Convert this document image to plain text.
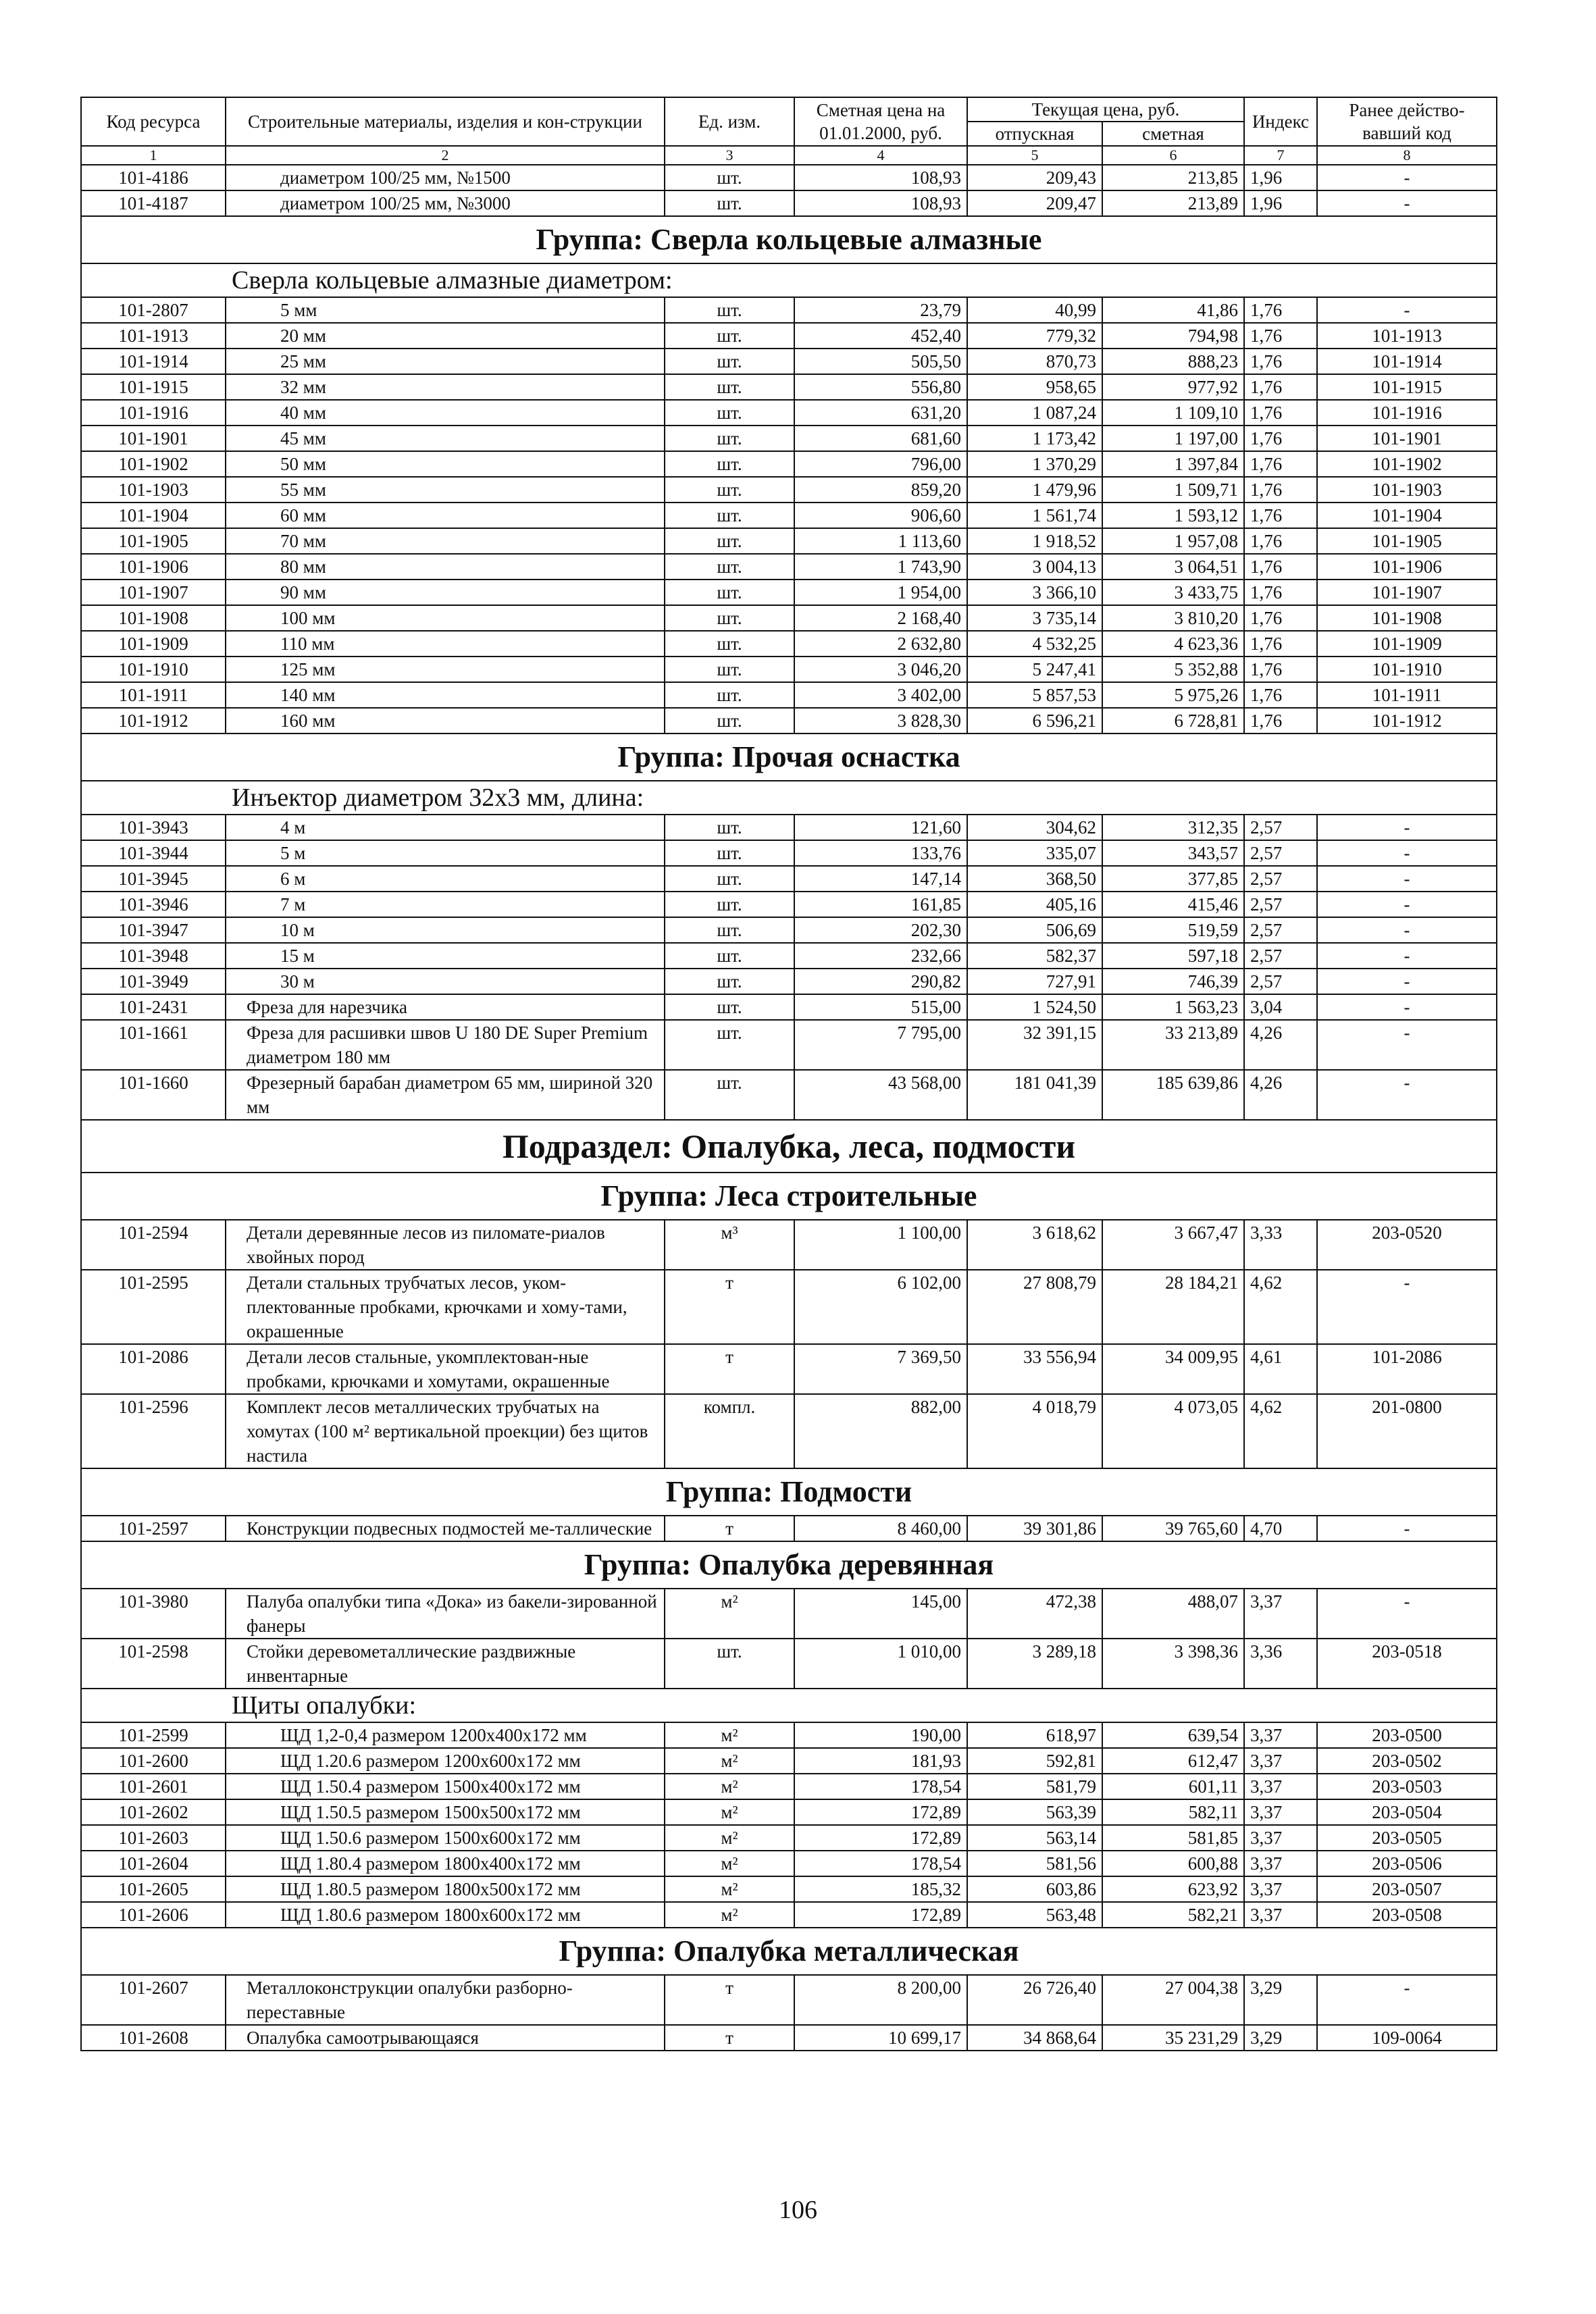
Код ресурса	Строительные материалы, изделия и кон-струкции	Ед. изм.	Сметная цена на 01.01.2000, руб.	Текущая цена, руб.		Индекс	Ранее действо-вавший код
				отпускная	сметная		
1	2	3	4	5	6	7	8
101-4186	диаметром 100/25 мм, №1500	шт.	108,93	209,43	213,85	1,96	-
101-4187	диаметром 100/25 мм, №3000	шт.	108,93	209,47	213,89	1,96	-
Группа: Сверла кольцевые алмазные							
Сверла кольцевые алмазные диаметром:							
101-2807	5 мм	шт.	23,79	40,99	41,86	1,76	-
101-1913	20 мм	шт.	452,40	779,32	794,98	1,76	101-1913
101-1914	25 мм	шт.	505,50	870,73	888,23	1,76	101-1914
101-1915	32 мм	шт.	556,80	958,65	977,92	1,76	101-1915
101-1916	40 мм	шт.	631,20	1 087,24	1 109,10	1,76	101-1916
101-1901	45 мм	шт.	681,60	1 173,42	1 197,00	1,76	101-1901
101-1902	50 мм	шт.	796,00	1 370,29	1 397,84	1,76	101-1902
101-1903	55 мм	шт.	859,20	1 479,96	1 509,71	1,76	101-1903
101-1904	60 мм	шт.	906,60	1 561,74	1 593,12	1,76	101-1904
101-1905	70 мм	шт.	1 113,60	1 918,52	1 957,08	1,76	101-1905
101-1906	80 мм	шт.	1 743,90	3 004,13	3 064,51	1,76	101-1906
101-1907	90 мм	шт.	1 954,00	3 366,10	3 433,75	1,76	101-1907
101-1908	100 мм	шт.	2 168,40	3 735,14	3 810,20	1,76	101-1908
101-1909	110 мм	шт.	2 632,80	4 532,25	4 623,36	1,76	101-1909
101-1910	125 мм	шт.	3 046,20	5 247,41	5 352,88	1,76	101-1910
101-1911	140 мм	шт.	3 402,00	5 857,53	5 975,26	1,76	101-1911
101-1912	160 мм	шт.	3 828,30	6 596,21	6 728,81	1,76	101-1912
Группа: Прочая оснастка							
Инъектор диаметром 32х3 мм, длина:							
101-3943	4 м	шт.	121,60	304,62	312,35	2,57	-
101-3944	5 м	шт.	133,76	335,07	343,57	2,57	-
101-3945	6 м	шт.	147,14	368,50	377,85	2,57	-
101-3946	7 м	шт.	161,85	405,16	415,46	2,57	-
101-3947	10 м	шт.	202,30	506,69	519,59	2,57	-
101-3948	15 м	шт.	232,66	582,37	597,18	2,57	-
101-3949	30 м	шт.	290,82	727,91	746,39	2,57	-
101-2431	Фреза для нарезчика	шт.	515,00	1 524,50	1 563,23	3,04	-
101-1661	Фреза для расшивки швов U 180 DE Super Premium диаметром 180 мм	шт.	7 795,00	32 391,15	33 213,89	4,26	-
101-1660	Фрезерный барабан диаметром 65 мм, шириной 320 мм	шт.	43 568,00	181 041,39	185 639,86	4,26	-
Подраздел: Опалубка, леса, подмости							
Группа: Леса строительные							
101-2594	Детали деревянные лесов из пиломате-риалов хвойных пород	м³	1 100,00	3 618,62	3 667,47	3,33	203-0520
101-2595	Детали стальных трубчатых лесов, уком-плектованные пробками, крючками и хому-тами, окрашенные	т	6 102,00	27 808,79	28 184,21	4,62	-
101-2086	Детали лесов стальные, укомплектован-ные пробками, крючками и хомутами, окрашенные	т	7 369,50	33 556,94	34 009,95	4,61	101-2086
101-2596	Комплект лесов металлических трубчатых на хомутах (100 м² вертикальной проекции) без щитов настила	компл.	882,00	4 018,79	4 073,05	4,62	201-0800
Группа: Подмости							
101-2597	Конструкции подвесных подмостей ме-таллические	т	8 460,00	39 301,86	39 765,60	4,70	-
Группа: Опалубка деревянная							
101-3980	Палуба опалубки типа «Дока» из бакели-зированной фанеры	м²	145,00	472,38	488,07	3,37	-
101-2598	Стойки деревометаллические раздвижные инвентарные	шт.	1 010,00	3 289,18	3 398,36	3,36	203-0518
Щиты опалубки:							
101-2599	ЩД 1,2-0,4 размером 1200х400х172 мм	м²	190,00	618,97	639,54	3,37	203-0500
101-2600	ЩД 1.20.6 размером 1200х600х172 мм	м²	181,93	592,81	612,47	3,37	203-0502
101-2601	ЩД 1.50.4 размером 1500х400х172 мм	м²	178,54	581,79	601,11	3,37	203-0503
101-2602	ЩД 1.50.5 размером 1500х500х172 мм	м²	172,89	563,39	582,11	3,37	203-0504
101-2603	ЩД 1.50.6 размером 1500х600х172 мм	м²	172,89	563,14	581,85	3,37	203-0505
101-2604	ЩД 1.80.4 размером 1800х400х172 мм	м²	178,54	581,56	600,88	3,37	203-0506
101-2605	ЩД 1.80.5 размером 1800х500х172 мм	м²	185,32	603,86	623,92	3,37	203-0507
101-2606	ЩД 1.80.6 размером 1800х600х172 мм	м²	172,89	563,48	582,21	3,37	203-0508
Группа: Опалубка металлическая							
101-2607	Металлоконструкции опалубки разборно-переставные	т	8 200,00	26 726,40	27 004,38	3,29	-
101-2608	Опалубка самоотрывающаяся	т	10 699,17	34 868,64	35 231,29	3,29	109-0064
106
